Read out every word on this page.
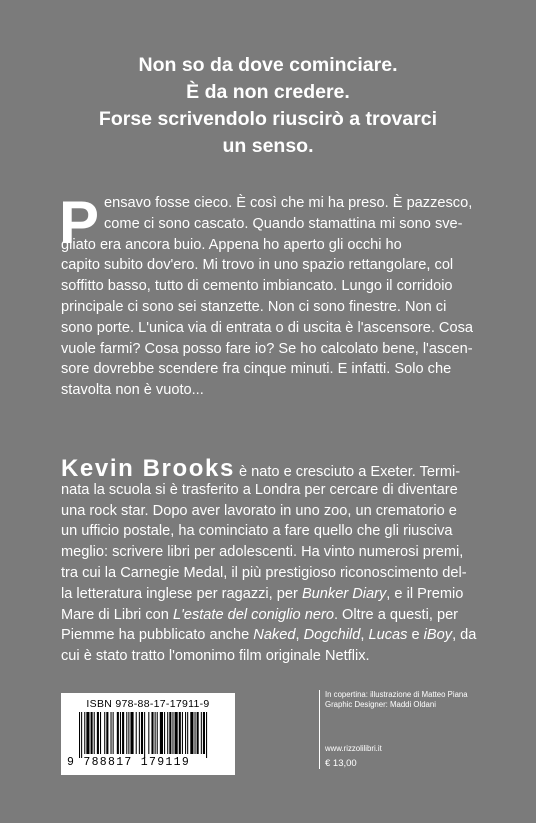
Non so da dove cominciare.
È da non credere.
Forse scrivendolo riuscirò a trovarci
un senso.
P ensavo fosse cieco. È così che mi ha preso. È pazzesco,
come ci sono cascato. Quando stamattina mi sono sve-
gliato era ancora buio. Appena ho aperto gli occhi ho
capito subito dov'ero. Mi trovo in uno spazio rettangolare, col
soffitto basso, tutto di cemento imbiancato. Lungo il corridoio
principale ci sono sei stanzette. Non ci sono finestre. Non ci
sono porte. L'unica via di entrata o di uscita è l'ascensore. Cosa
vuole farmi? Cosa posso fare io? Se ho calcolato bene, l'ascen-
sore dovrebbe scendere fra cinque minuti. E infatti. Solo che
stavolta non è vuoto...
Kevin Brooks è nato e cresciuto a Exeter. Termi-
nata la scuola si è trasferito a Londra per cercare di diventare
una rock star. Dopo aver lavorato in uno zoo, un crematorio e
un ufficio postale, ha cominciato a fare quello che gli riusciva
meglio: scrivere libri per adolescenti. Ha vinto numerosi premi,
tra cui la Carnegie Medal, il più prestigioso riconoscimento del-
la letteratura inglese per ragazzi, per Bunker Diary, e il Premio
Mare di Libri con L'estate del coniglio nero. Oltre a questi, per
Piemme ha pubblicato anche Naked, Dogchild, Lucas e iBoy, da
cui è stato tratto l'omonimo film originale Netflix.
ISBN 978-88-17-17911-9
9 788817 179119
In copertina: illustrazione di Matteo Piana
Graphic Designer: Maddi Oldani
www.rizzolilibri.it
€ 13,00
